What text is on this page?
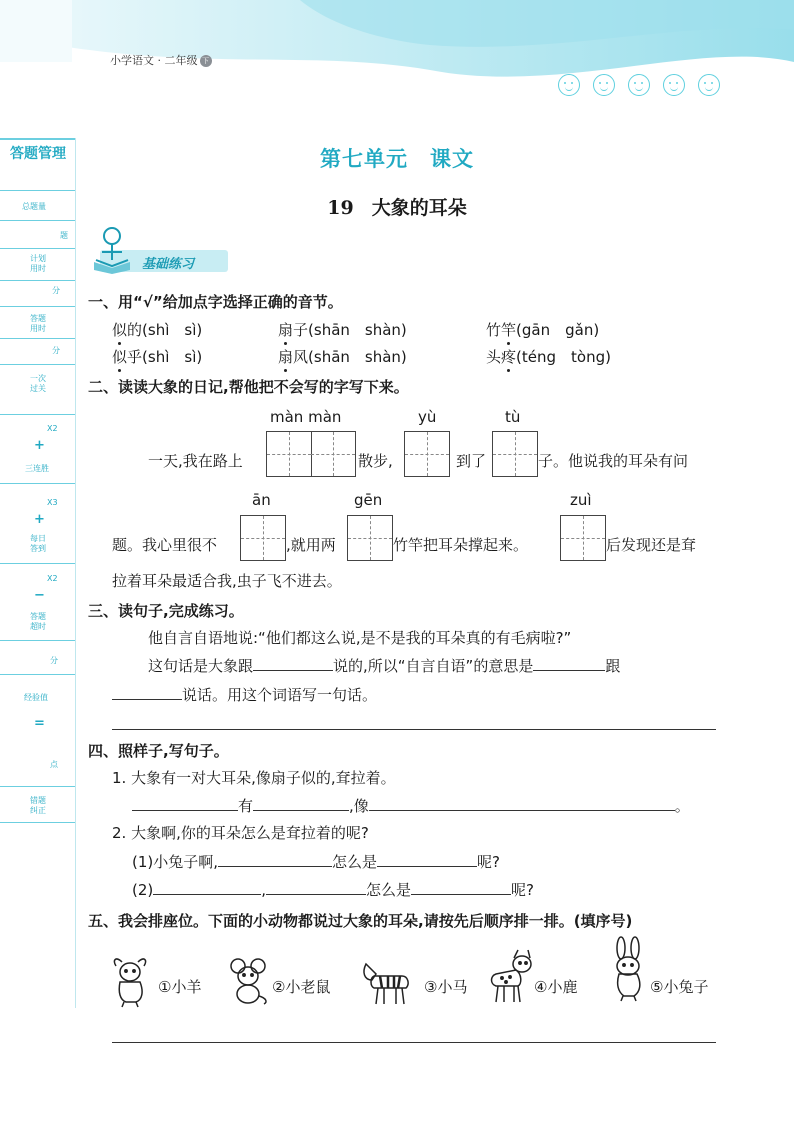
小学语文 · 二年级 下册
答题管理
总题量
题
计划用时
分
答题用时
分
一次过关
X2
+
三连胜
X3
+
每日答到
X2
−
答题超时
分
经验值
=
点
错题纠正
第七单元　课文
19 大象的耳朵
基础练习
一、用“√”给加点字选择正确的音节。
似的(shì　sì)	扇子(shān　shàn)	竹竿(gān　gǎn)
似乎(shì　sì)	扇风(shān　shàn)	头疼(téng　tòng)
二、读读大象的日记,帮他把不会写的字写下来。
màn màn	yù	tù
一天,我在路上	散步,	到了	子。他说我的耳朵有问
ān	gēn	zuì
题。我心里很不	,就用两	竹竿把耳朵撑起来。	后发现还是耷
拉着耳朵最适合我,虫子飞不进去。
三、读句子,完成练习。
他自言自语地说:“他们都这么说,是不是我的耳朵真的有毛病啦?”
这句话是大象跟	说的,所以“自言自语”的意思是	跟
说话。用这个词语写一句话。
四、照样子,写句子。
1. 大象有一对大耳朵,像扇子似的,耷拉着。
有	,像	。
2. 大象啊,你的耳朵怎么是耷拉着的呢?
(1)小兔子啊,	怎么是	呢?
(2)	,	怎么是	呢?
五、我会排座位。下面的小动物都说过大象的耳朵,请按先后顺序排一排。(填序号)
①小羊	②小老鼠	③小马	④小鹿	⑤小兔子
